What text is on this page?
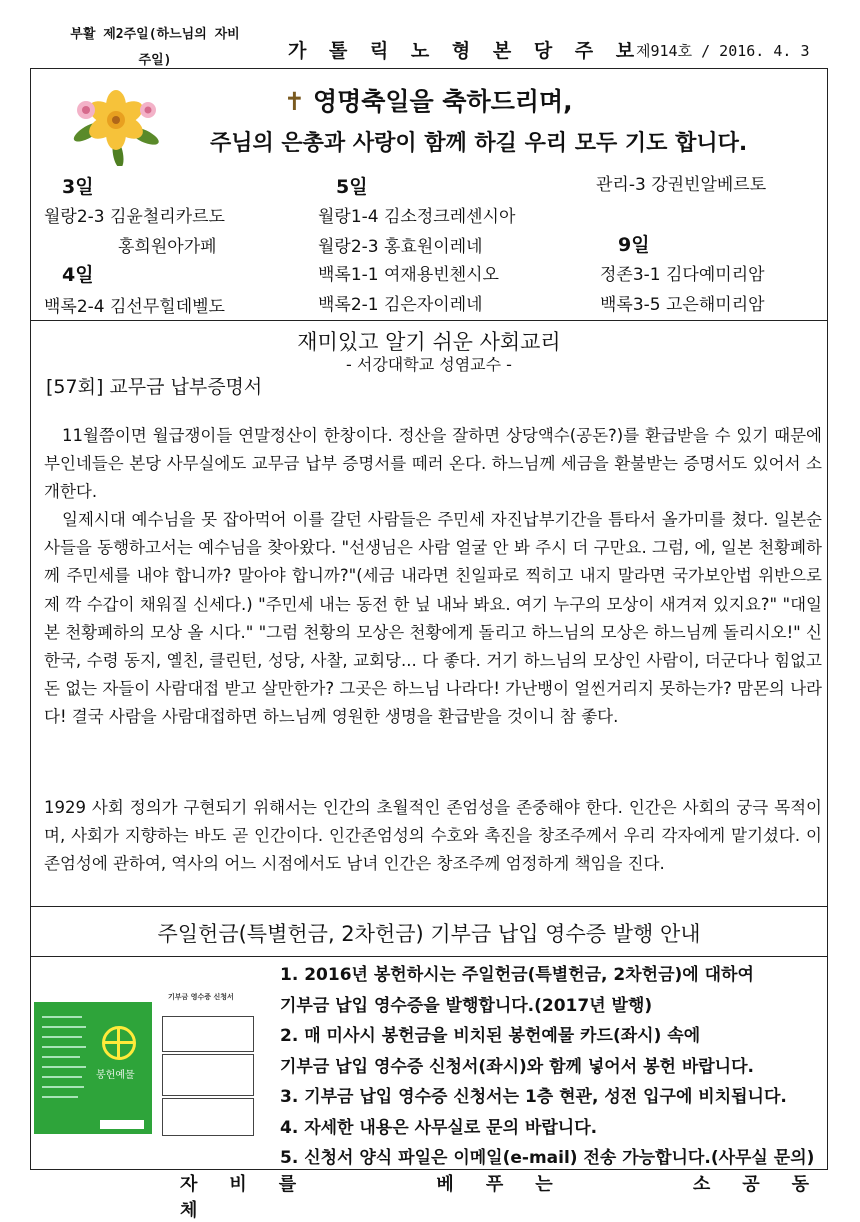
부활 제2주일(하느님의 자비
주일)	가 톨 릭 노 형 본 당 주 보
제914호 / 2016. 4. 3
✝ 영명축일을 축하드리며,
주님의 은총과 사랑이 함께 하길 우리 모두 기도 합니다.
3일
월랑2-3 김윤철리카르도
홍희원아가페
4일
백록2-4 김선무힐데벨도
5일
월랑1-4 김소정크레센시아
월랑2-3 홍효원이레네
백록1-1 여재용빈첸시오
백록2-1 김은자이레네
관리-3 강권빈알베르토
9일
정존3-1 김다예미리암
백록3-5 고은해미리암
재미있고 알기 쉬운 사회교리
- 서강대학교 성염교수 -
[57회] 교무금 납부증명서

11월쯤이면 월급쟁이들 연말정산이 한창이다. 정산을 잘하면 상당액수(공돈?)를 환급받을 수 있기 때문에 부인네들은 본당 사무실에도 교무금 납부 증명서를 떼러 온다. 하느님께 세금을 환불받는 증명서도 있어서 소개한다.

일제시대 예수님을 못 잡아먹어 이를 갈던 사람들은 주민세 자진납부기간을 틈타서 올가미를 쳤다. 일본순사들을 동행하고서는 예수님을 찾아왔다. "선생님은 사람 얼굴 안 봐 주시 더 구만요. 그럼, 에, 일본 천황폐하께 주민세를 내야 합니까? 말아야 합니까?"(세금 내라면 친일파로 찍히고 내지 말라면 국가보안법 위반으로 제 깍 수갑이 채워질 신세다.) "주민세 내는 동전 한 닢 내놔 봐요. 여기 누구의 모상이 새겨져 있지요?" "대일본 천황폐하의 모상 올 시다." "그럼 천황의 모상은 천황에게 돌리고 하느님의 모상은 하느님께 돌리시오!" 신한국, 수령 동지, 옐친, 클린턴, 성당, 사찰, 교회당... 다 좋다. 거기 하느님의 모상인 사람이, 더군다나 힘없고 돈 없는 자들이 사람대접 받고 살만한가? 그곳은 하느님 나라다! 가난뱅이 얼씬거리지 못하는가? 맘몬의 나라다! 결국 사람을 사람대접하면 하느님께 영원한 생명을 환급받을 것이니 참 좋다.

1929 사회 정의가 구현되기 위해서는 인간의 초월적인 존엄성을 존중해야 한다. 인간은 사회의 궁극 목적이며, 사회가 지향하는 바도 곧 인간이다. 인간존엄성의 수호와 촉진을 창조주께서 우리 각자에게 맡기셨다. 이 존엄성에 관하여, 역사의 어느 시점에서도 남녀 인간은 창조주께 엄정하게 책임을 진다.

주일헌금(특별헌금, 2차헌금) 기부금 납입 영수증 발행 안내
봉헌예물
기부금 영수증 신청서
1. 2016년 봉헌하시는 주일헌금(특별헌금, 2차헌금)에 대하여
기부금 납입 영수증을 발행합니다.(2017년 발행)
2. 매 미사시 봉헌금을 비치된 봉헌예물 카드(좌시) 속에
기부금 납입 영수증 신청서(좌시)와 함께 넣어서 봉헌 바랍니다.
3. 기부금 납입 영수증 신청서는 1층 현관, 성전 입구에 비치됩니다.
4. 자세한 내용은 사무실로 문의 바랍니다.
5. 신청서 양식 파일은 이메일(e-mail) 전송 가능합니다.(사무실 문의)
자비를 베푸는 소공동체
